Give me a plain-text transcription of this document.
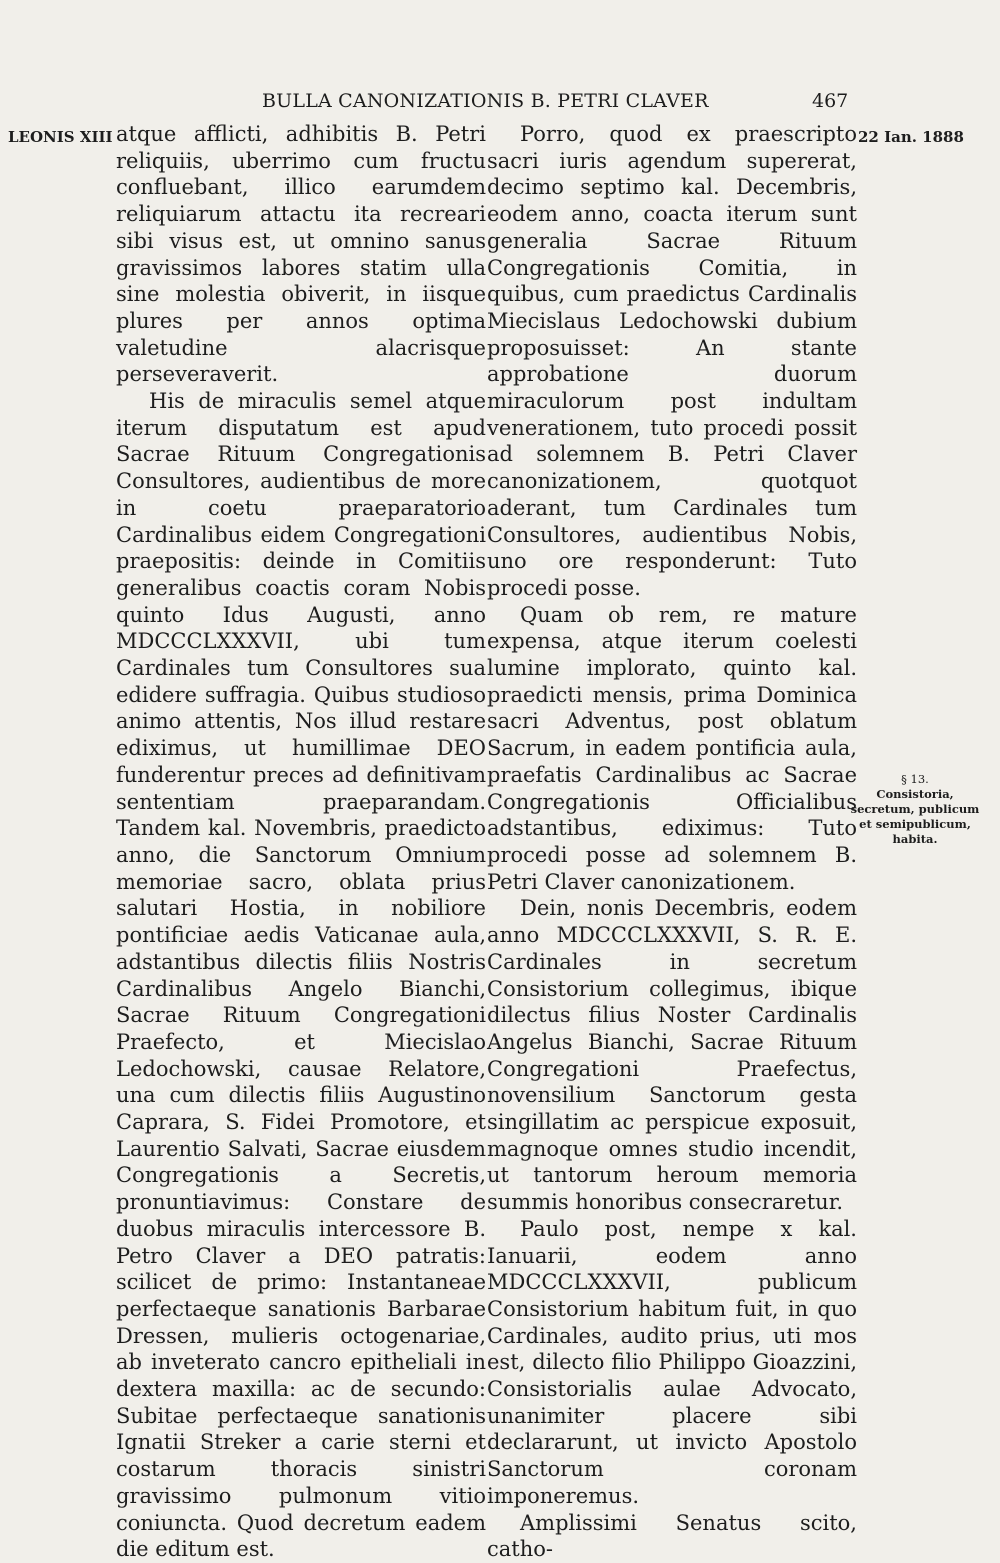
BULLA CANONIZATIONIS B. PETRI CLAVER	467
LEONIS XIII	22 Ian. 1888
§ 13.
Consistoria, secretum, publicum et semipublicum, habita.

atque afflicti, adhibitis B. Petri reliquiis, uberrimo cum fructu confluebant, illico earumdem reliquiarum attactu ita recreari sibi visus est, ut omnino sanus gravissimos labores statim ulla sine molestia obiverit, in iisque plures per annos optima valetudine alacrisque perseveraverit.

His de miraculis semel atque iterum disputatum est apud Sacrae Rituum Congregationis Consultores, audientibus de more in coetu praeparatorio Cardinalibus eidem Congregationi praepositis: deinde in Comitiis generalibus coactis coram Nobis quinto Idus Augusti, anno MDCCCLXXXVII, ubi tum Cardinales tum Consultores sua edidere suffragia. Quibus studioso animo attentis, Nos illud restare ediximus, ut humillimae DEO funderentur preces ad definitivam sententiam praeparandam. Tandem kal. Novembris, praedicto anno, die Sanctorum Omnium memoriae sacro, oblata prius salutari Hostia, in nobiliore pontificiae aedis Vaticanae aula, adstantibus dilectis filiis Nostris Cardinalibus Angelo Bianchi, Sacrae Rituum Congregationi Praefecto, et Miecislao Ledochowski, causae Relatore, una cum dilectis filiis Augustino Caprara, S. Fidei Promotore, et Laurentio Salvati, Sacrae eiusdem Congregationis a Secretis, pronuntiavimus: Constare de duobus miraculis intercessore B. Petro Claver a DEO patratis: scilicet de primo: Instantaneae perfectaeque sanationis Barbarae Dressen, mulieris octogenariae, ab inveterato cancro epitheliali in dextera maxilla: ac de secundo: Subitae perfectaeque sanationis Ignatii Streker a carie sterni et costarum thoracis sinistri gravissimo pulmonum vitio coniuncta. Quod decretum eadem die editum est.

Porro, quod ex praescripto sacri iuris agendum supererat, decimo septimo kal. Decembris, eodem anno, coacta iterum sunt generalia Sacrae Rituum Congregationis Comitia, in quibus, cum praedictus Cardinalis Miecislaus Ledochowski dubium proposuisset: An stante approbatione duorum miraculorum post indultam venerationem, tuto procedi possit ad solemnem B. Petri Claver canonizationem, quotquot aderant, tum Cardinales tum Consultores, audientibus Nobis, uno ore responderunt: Tuto procedi posse.

Quam ob rem, re mature expensa, atque iterum coelesti lumine implorato, quinto kal. praedicti mensis, prima Dominica sacri Adventus, post oblatum Sacrum, in eadem pontificia aula, praefatis Cardinalibus ac Sacrae Congregationis Officialibus adstantibus, ediximus: Tuto procedi posse ad solemnem B. Petri Claver canonizationem.

Dein, nonis Decembris, eodem anno MDCCCLXXXVII, S. R. E. Cardinales in secretum Consistorium collegimus, ibique dilectus filius Noster Cardinalis Angelus Bianchi, Sacrae Rituum Congregationi Praefectus, novensilium Sanctorum gesta singillatim ac perspicue exposuit, magnoque omnes studio incendit, ut tantorum heroum memoria summis honoribus consecraretur.

Paulo post, nempe x kal. Ianuarii, eodem anno MDCCCLXXXVII, publicum Consistorium habitum fuit, in quo Cardinales, audito prius, uti mos est, dilecto filio Philippo Gioazzini, Consistorialis aulae Advocato, unanimiter placere sibi declararunt, ut invicto Apostolo Sanctorum coronam imponeremus.

Amplissimi Senatus scito, catho-
